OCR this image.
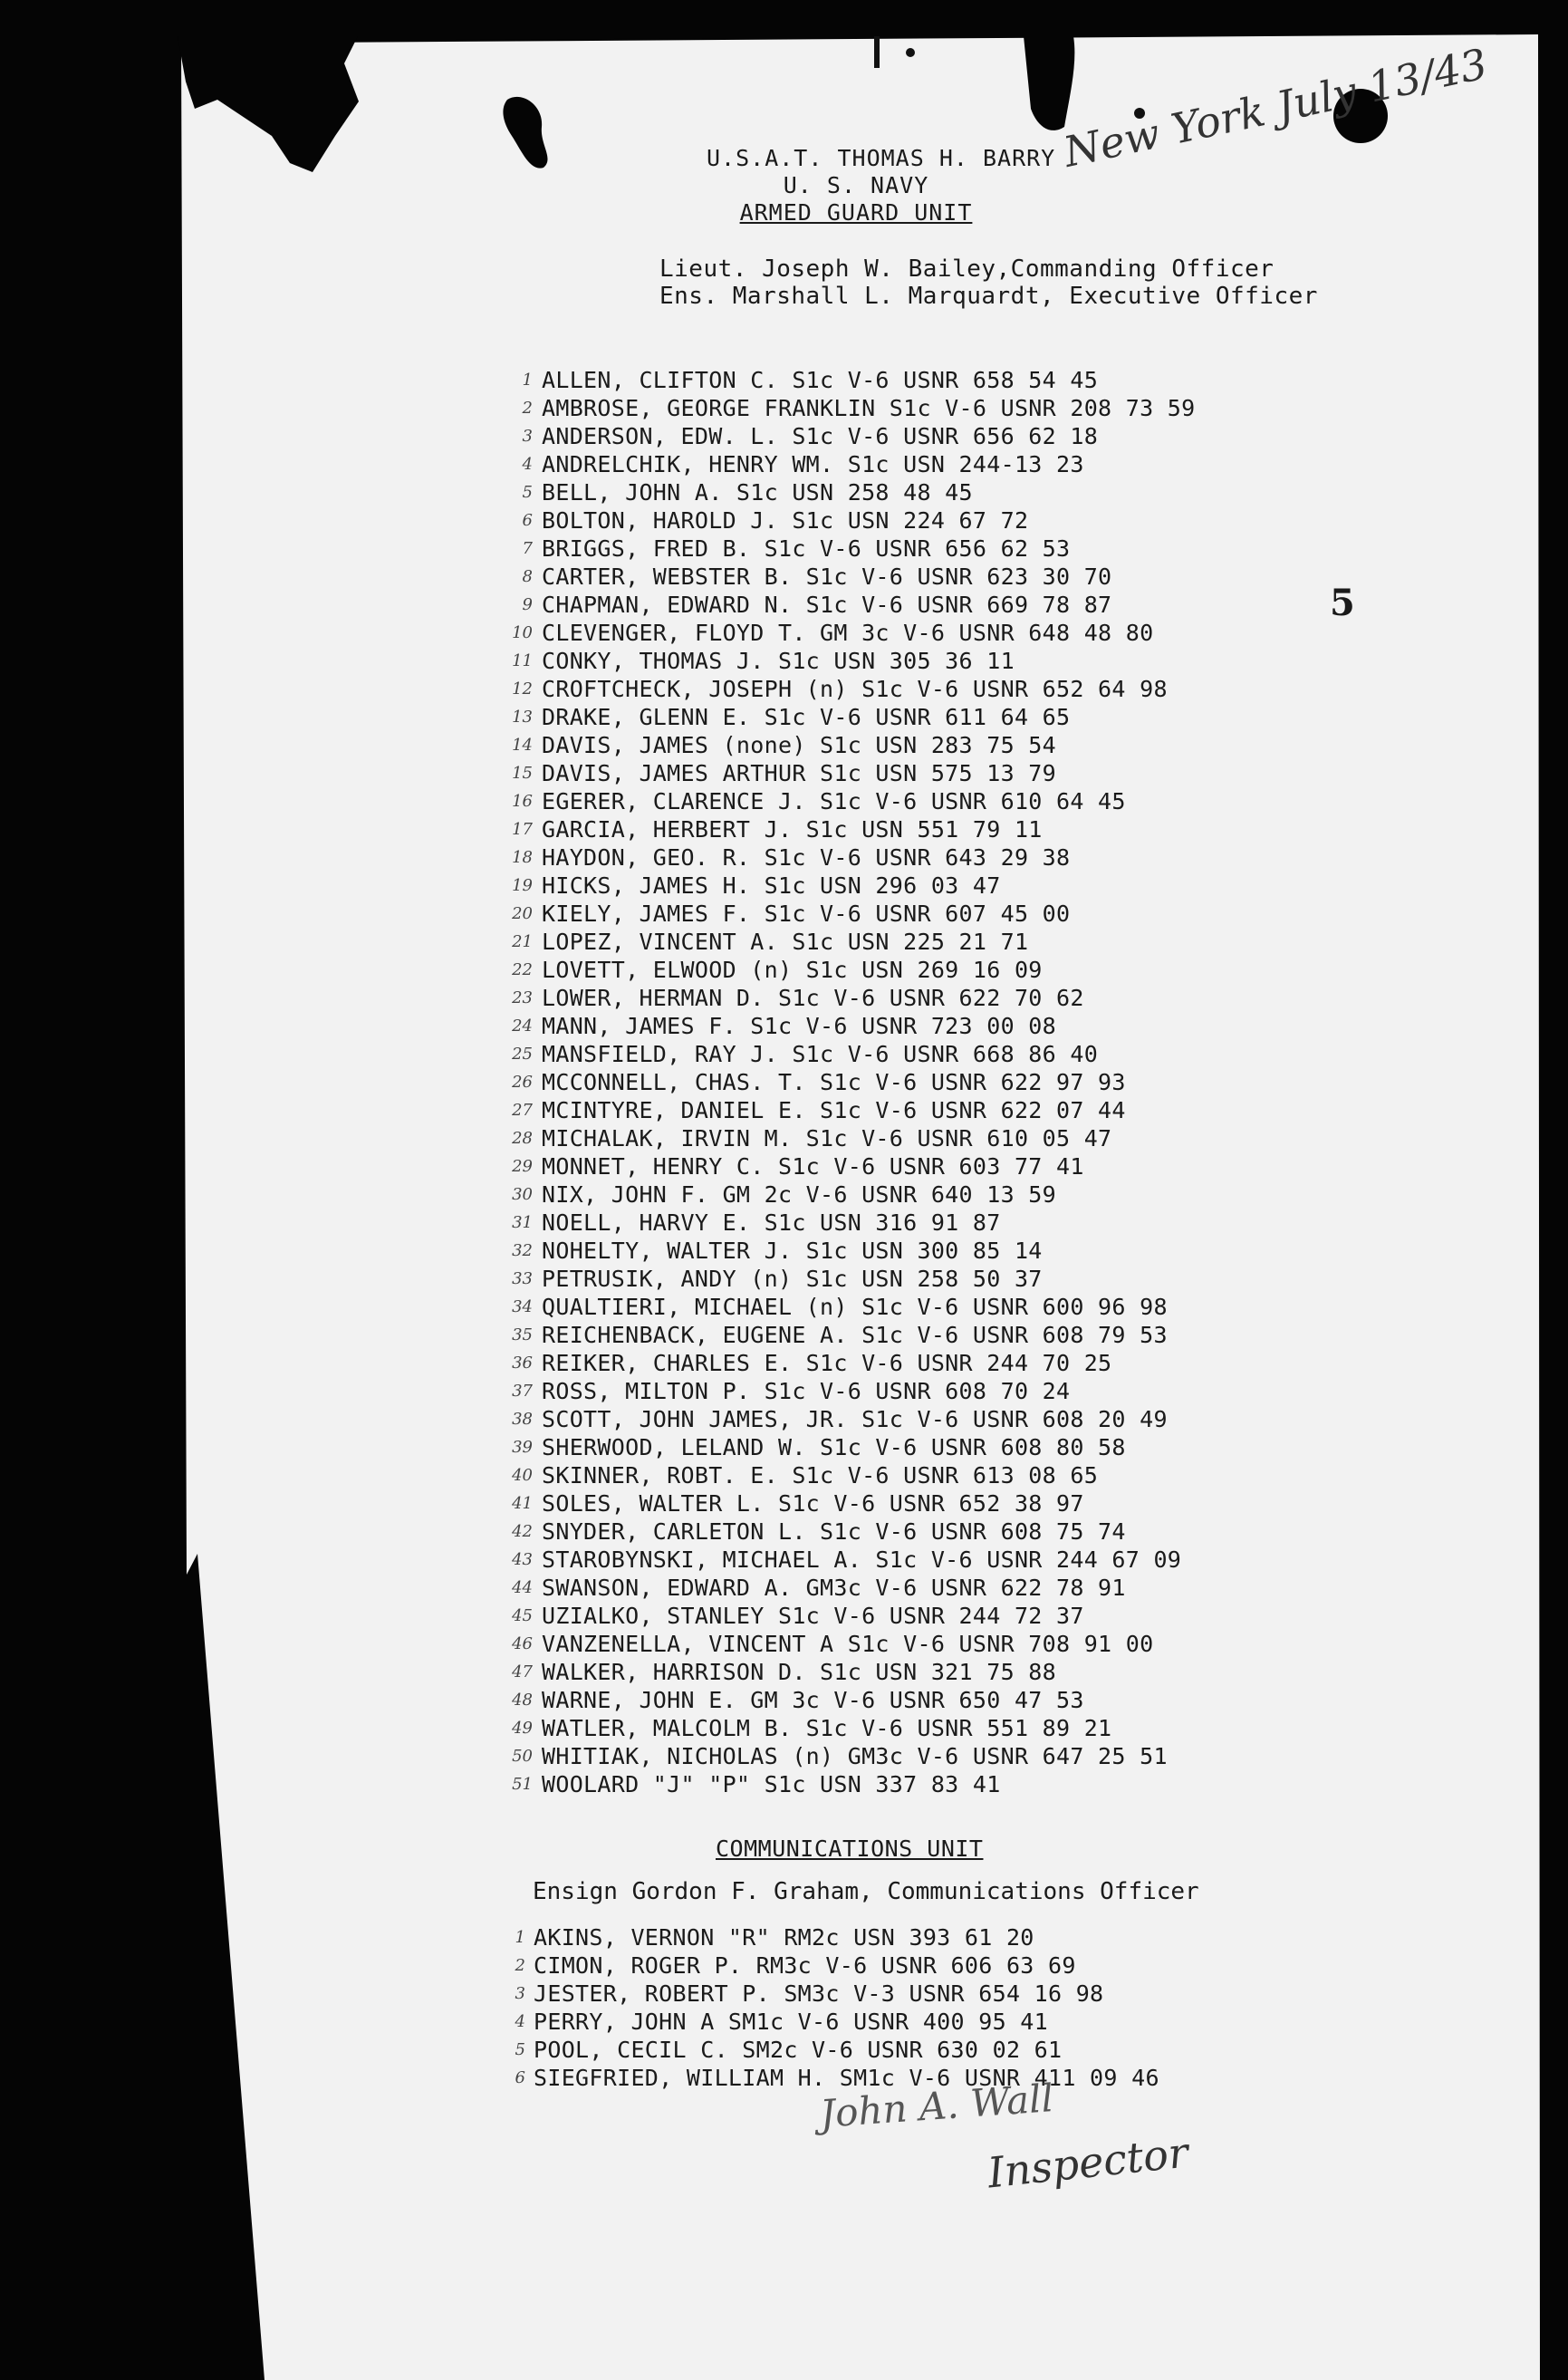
U.S.A.T. THOMAS H. BARRY
U. S. NAVY
ARMED GUARD UNIT
New York July 13/43
Lieut. Joseph W. Bailey,Commanding Officer
Ens. Marshall L. Marquardt, Executive Officer
5
1
2
3
4
5
6
7
8
9
10
11
12
13
14
15
16
17
18
19
20
21
22
23
24
25
26
27
28
29
30
31
32
33
34
35
36
37
38
39
40
41
42
43
44
45
46
47
48
49
50
51
ALLEN, CLIFTON C. S1c V-6 USNR 658 54 45
AMBROSE, GEORGE FRANKLIN S1c V-6 USNR 208 73 59
ANDERSON, EDW. L. S1c V-6 USNR 656 62 18
ANDRELCHIK, HENRY WM. S1c USN 244-13 23
BELL, JOHN A. S1c USN 258 48 45
BOLTON, HAROLD J. S1c USN 224 67 72
BRIGGS, FRED B. S1c V-6 USNR 656 62 53
CARTER, WEBSTER B. S1c V-6 USNR 623 30 70
CHAPMAN, EDWARD N. S1c V-6 USNR 669 78 87
CLEVENGER, FLOYD T. GM 3c V-6 USNR 648 48 80
CONKY, THOMAS J. S1c USN 305 36 11
CROFTCHECK, JOSEPH (n) S1c V-6 USNR 652 64 98
DRAKE, GLENN E. S1c V-6 USNR 611 64 65
DAVIS, JAMES (none) S1c USN 283 75 54
DAVIS, JAMES ARTHUR S1c USN 575 13 79
EGERER, CLARENCE J. S1c V-6 USNR 610 64 45
GARCIA, HERBERT J. S1c USN 551 79 11
HAYDON, GEO. R. S1c V-6 USNR 643 29 38
HICKS, JAMES H. S1c USN 296 03 47
KIELY, JAMES F. S1c V-6 USNR 607 45 00
LOPEZ, VINCENT A. S1c USN 225 21 71
LOVETT, ELWOOD (n) S1c USN 269 16 09
LOWER, HERMAN D. S1c V-6 USNR 622 70 62
MANN, JAMES F. S1c V-6 USNR 723 00 08
MANSFIELD, RAY J. S1c V-6 USNR 668 86 40
MCCONNELL, CHAS. T. S1c V-6 USNR 622 97 93
MCINTYRE, DANIEL E. S1c V-6 USNR 622 07 44
MICHALAK, IRVIN M. S1c V-6 USNR 610 05 47
MONNET, HENRY C. S1c V-6 USNR 603 77 41
NIX, JOHN F. GM 2c V-6 USNR 640 13 59
NOELL, HARVY E. S1c USN 316 91 87
NOHELTY, WALTER J. S1c USN 300 85 14
PETRUSIK, ANDY (n) S1c USN 258 50 37
QUALTIERI, MICHAEL (n) S1c V-6 USNR 600 96 98
REICHENBACK, EUGENE A. S1c V-6 USNR 608 79 53
REIKER, CHARLES E. S1c V-6 USNR 244 70 25
ROSS, MILTON P. S1c V-6 USNR 608 70 24
SCOTT, JOHN JAMES, JR. S1c V-6 USNR 608 20 49
SHERWOOD, LELAND W. S1c V-6 USNR 608 80 58
SKINNER, ROBT. E. S1c V-6 USNR 613 08 65
SOLES, WALTER L. S1c V-6 USNR 652 38 97
SNYDER, CARLETON L. S1c V-6 USNR 608 75 74
STAROBYNSKI, MICHAEL A. S1c V-6 USNR 244 67 09
SWANSON, EDWARD A. GM3c V-6 USNR 622 78 91
UZIALKO, STANLEY S1c V-6 USNR 244 72 37
VANZENELLA, VINCENT A S1c V-6 USNR 708 91 00
WALKER, HARRISON D. S1c USN 321 75 88
WARNE, JOHN E. GM 3c V-6 USNR 650 47 53
WATLER, MALCOLM B. S1c V-6 USNR 551 89 21
WHITIAK, NICHOLAS (n) GM3c V-6 USNR 647 25 51
WOOLARD "J" "P" S1c USN 337 83 41
COMMUNICATIONS UNIT
Ensign Gordon F. Graham, Communications Officer
1
2
3
4
5
6
AKINS, VERNON "R" RM2c USN 393 61 20
CIMON, ROGER P. RM3c V-6 USNR 606 63 69
JESTER, ROBERT P. SM3c V-3 USNR 654 16 98
PERRY, JOHN A SM1c V-6 USNR 400 95 41
POOL, CECIL C. SM2c V-6 USNR 630 02 61
SIEGFRIED, WILLIAM H. SM1c V-6 USNR 411 09 46
John A. Wall
Inspector
